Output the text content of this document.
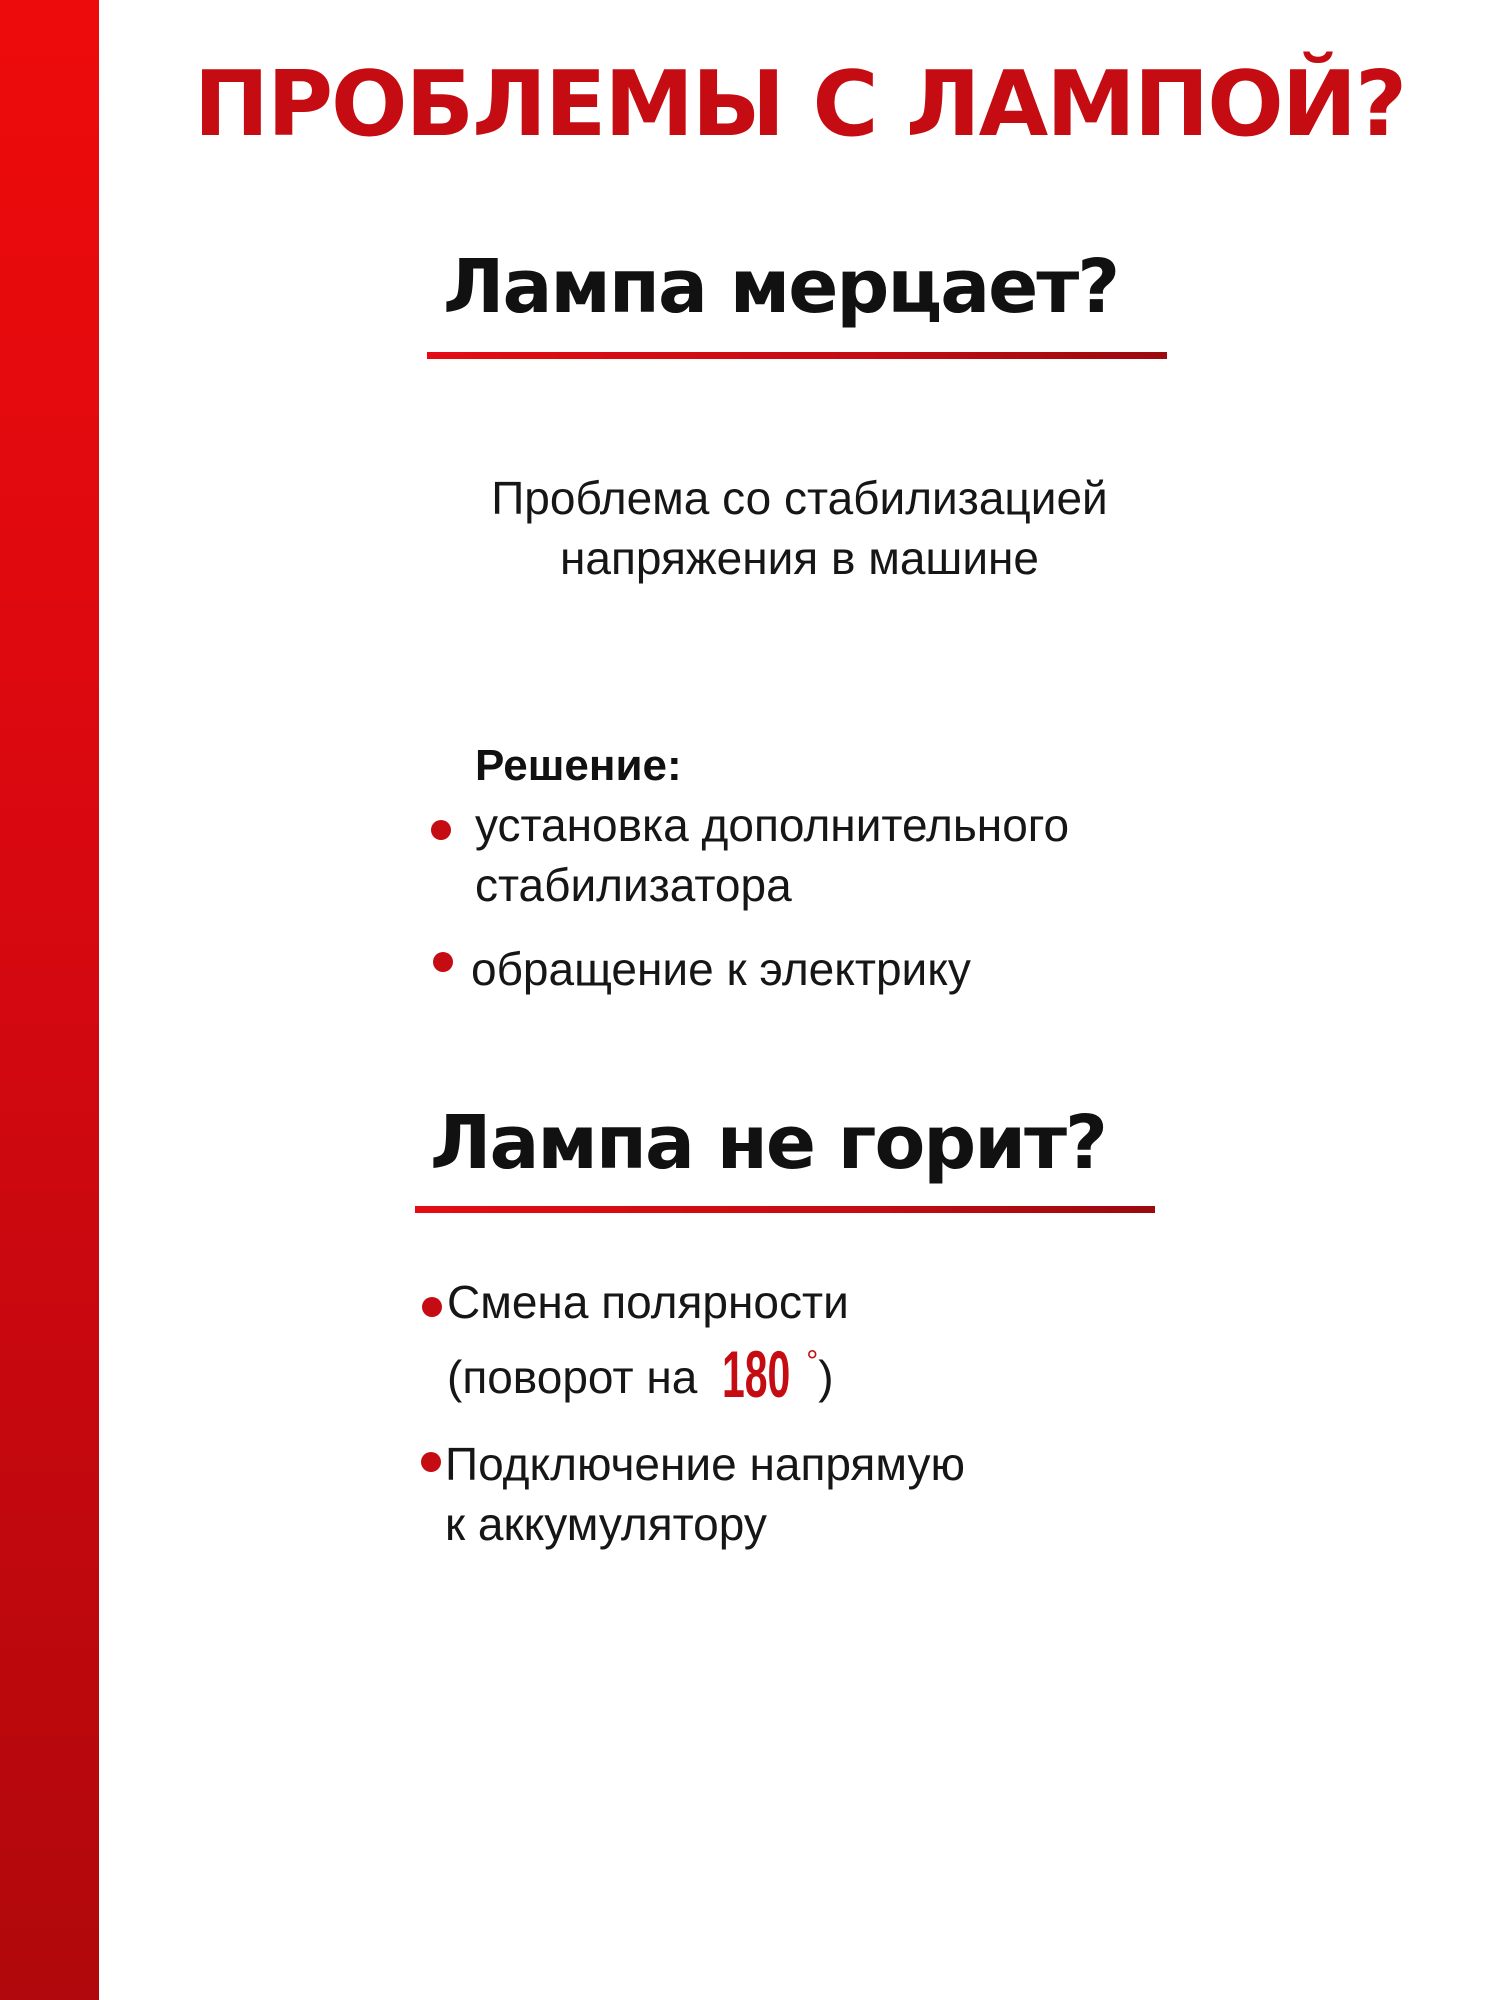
ПРОБЛЕМЫ С ЛАМПОЙ?
Лампа мерцает?

Проблема со стабилизацией
напряжения в машине

Решение:

установка дополнительного
стабилизатора

обращение к электрику

Лампа не горит?

Смена полярности
(поворот на 180 °)

Подключение напрямую
к аккумулятору
